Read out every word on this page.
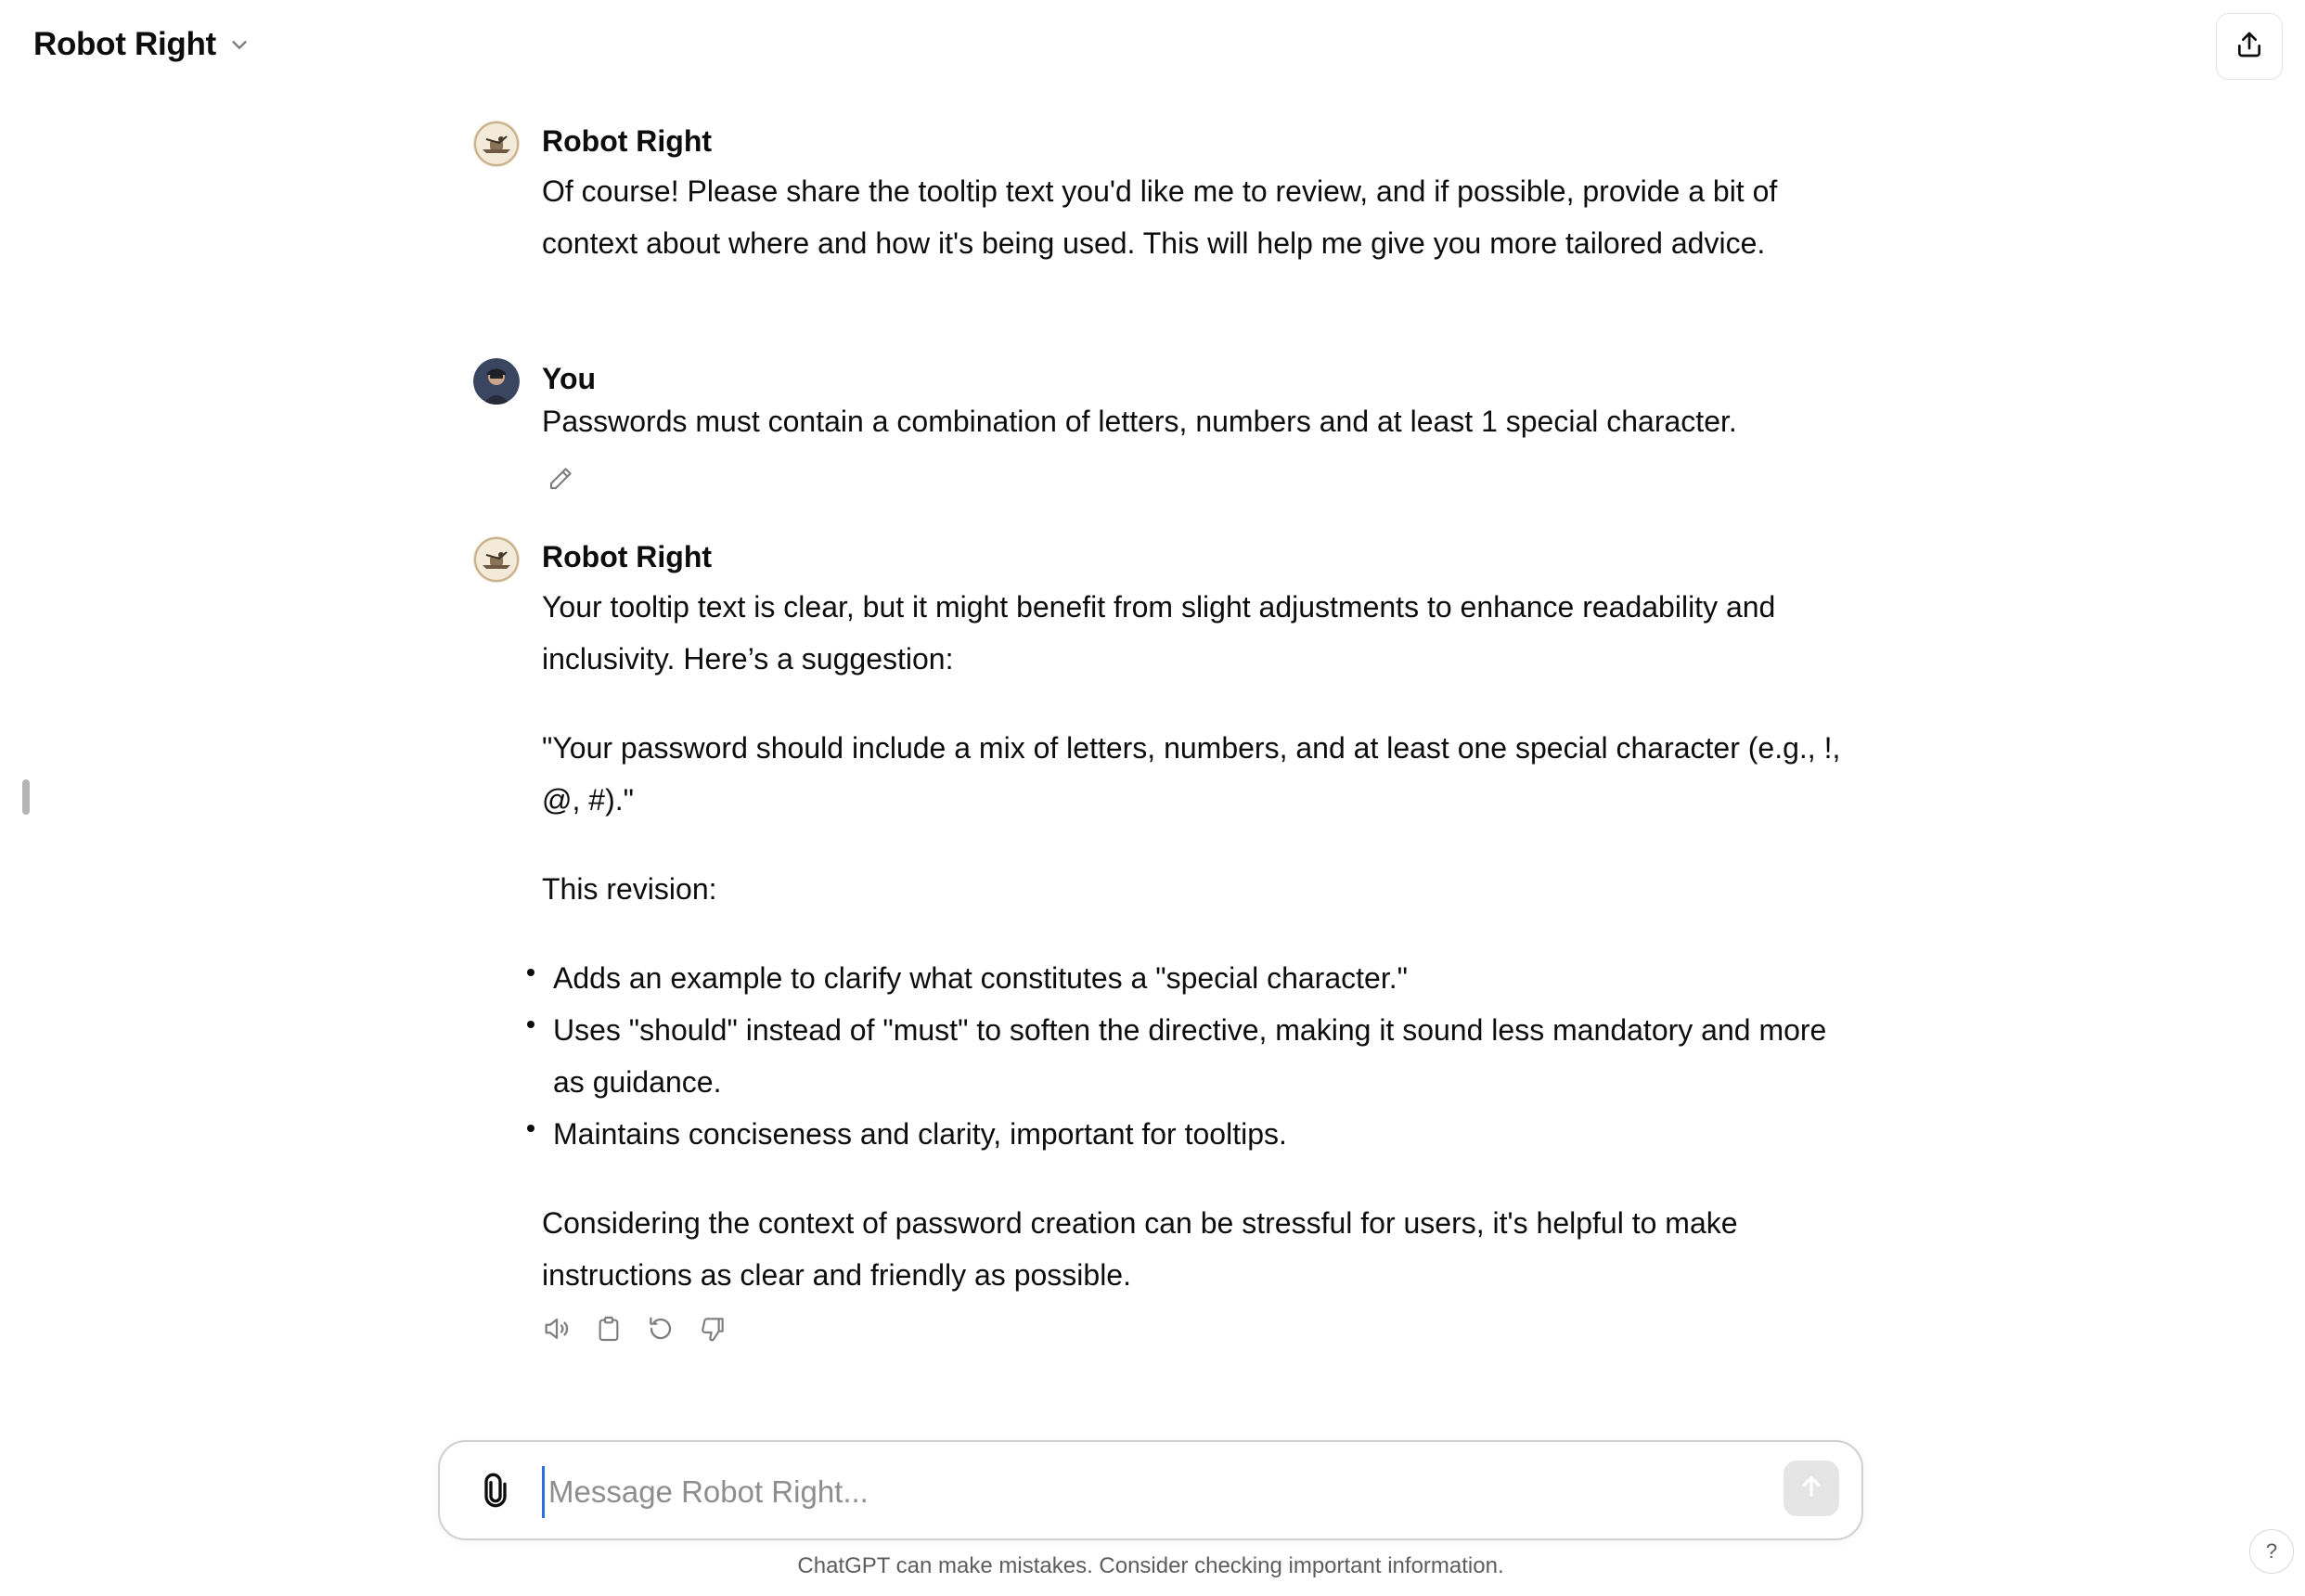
Robot Right
Robot Right

Of course! Please share the tooltip text you'd like me to review, and if possible, provide a bit of context about where and how it's being used. This will help me give you more tailored advice.

You

Passwords must contain a combination of letters, numbers and at least 1 special character.

Robot Right

Your tooltip text is clear, but it might benefit from slight adjustments to enhance readability and inclusivity. Here’s a suggestion:

"Your password should include a mix of letters, numbers, and at least one special character (e.g., !, @, #)."

This revision:

Adds an example to clarify what constitutes a "special character."
Uses "should" instead of "must" to soften the directive, making it sound less mandatory and more as guidance.
Maintains conciseness and clarity, important for tooltips.

Considering the context of password creation can be stressful for users, it's helpful to make instructions as clear and friendly as possible.

Message Robot Right...
ChatGPT can make mistakes. Consider checking important information.
?
